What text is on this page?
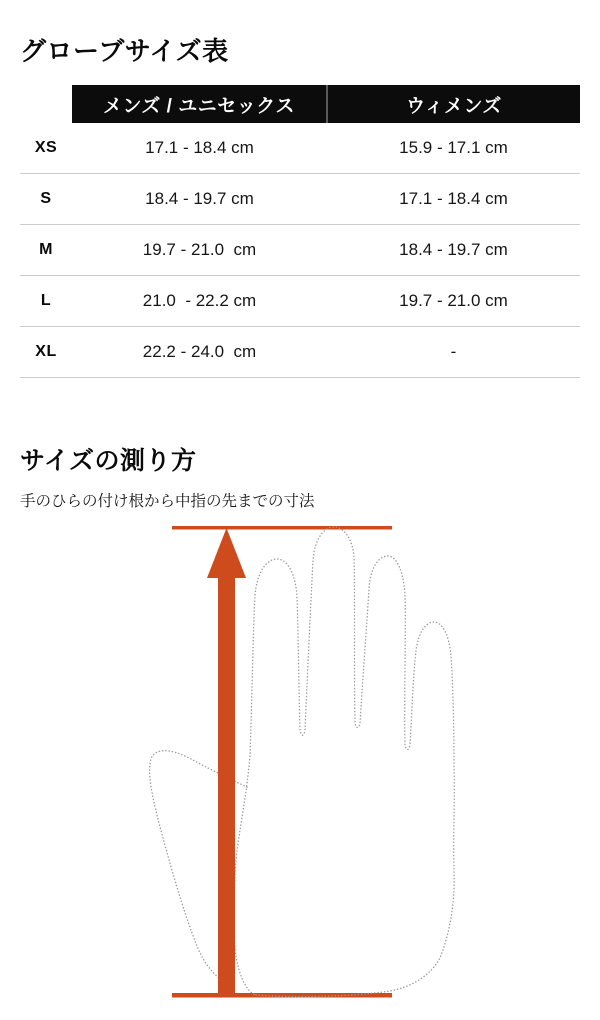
グローブサイズ表
メンズ / ユニセックス	ウィメンズ
XS	17.1 - 18.4 cm	15.9 - 17.1 cm
S	18.4 - 19.7 cm	17.1 - 18.4 cm
M	19.7 - 21.0  cm	18.4 - 19.7 cm
L	21.0  - 22.2 cm	19.7 - 21.0 cm
XL	22.2 - 24.0  cm	-
サイズの測り方

手のひらの付け根から中指の先までの寸法
